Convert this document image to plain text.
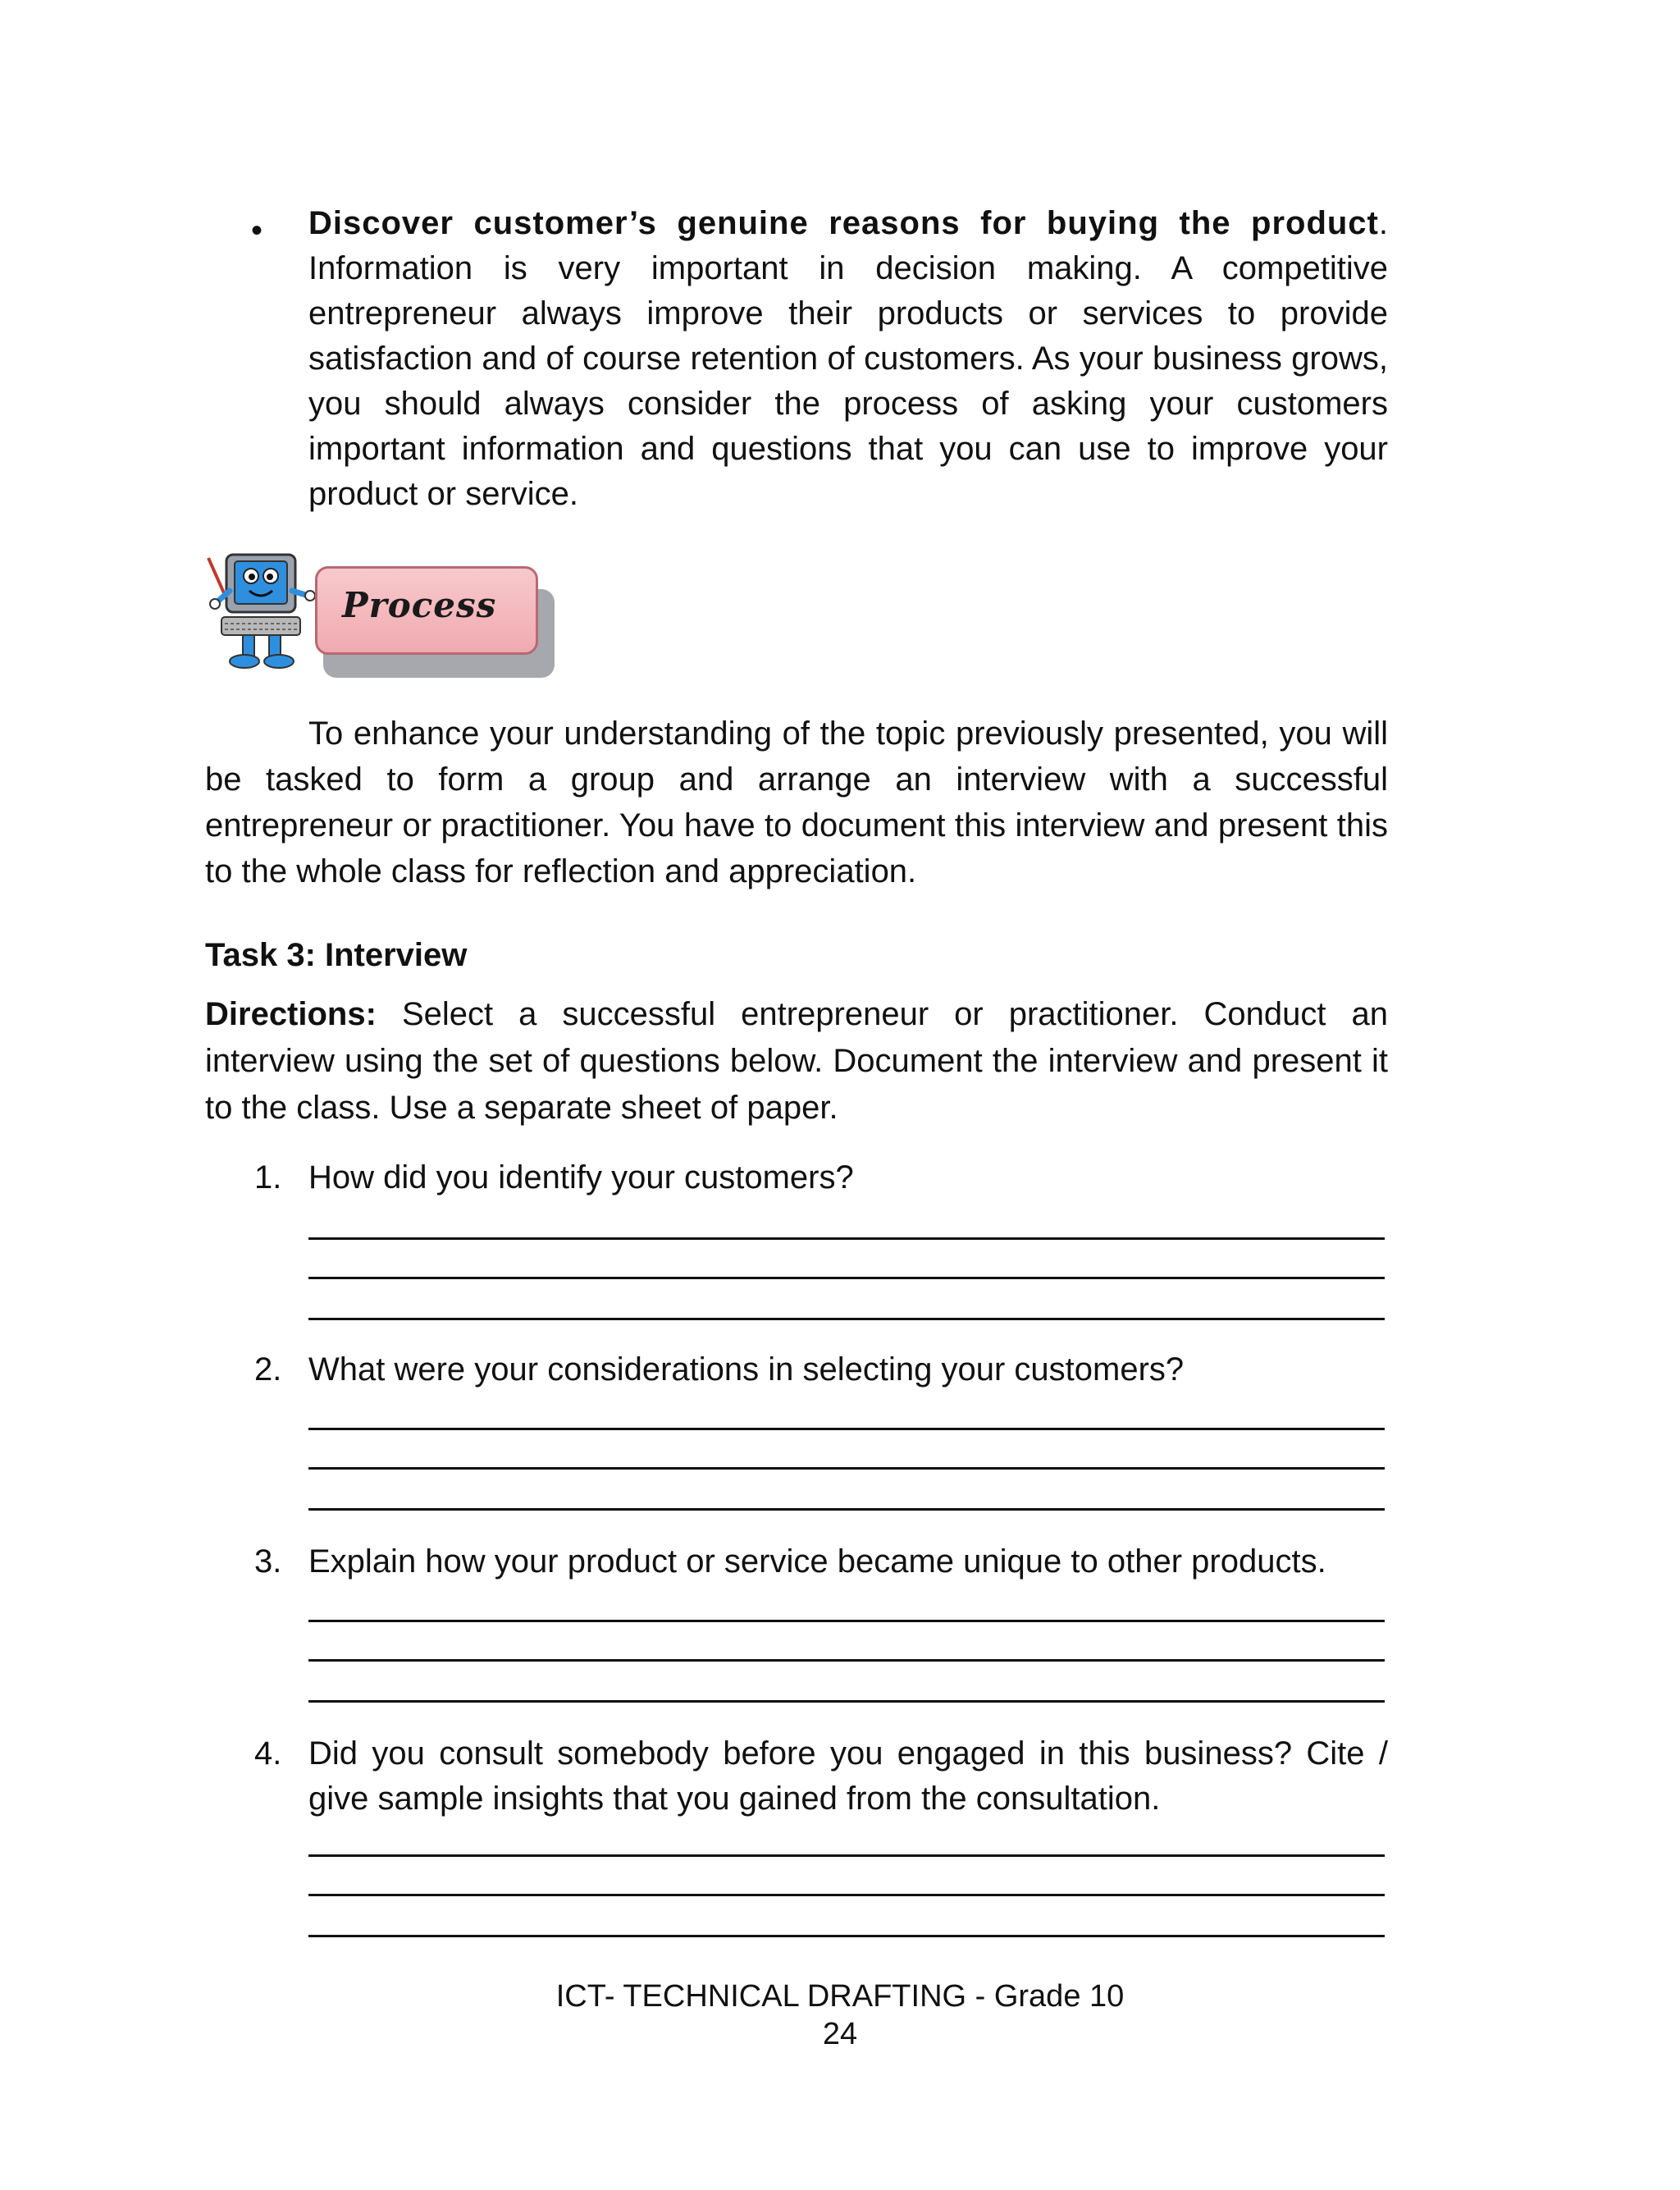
• Discover customer’s genuine reasons for buying the product. Information is very important in decision making. A competitive entrepreneur always improve their products or services to provide satisfaction and of course retention of customers. As your business grows, you should always consider the process of asking your customers important information and questions that you can use to improve your product or service.
Process
To enhance your understanding of the topic previously presented, you will be tasked to form a group and arrange an interview with a successful entrepreneur or practitioner. You have to document this interview and present this to the whole class for reflection and appreciation.
Task 3: Interview
Directions: Select a successful entrepreneur or practitioner. Conduct an interview using the set of questions below. Document the interview and present it to the class. Use a separate sheet of paper.
1. How did you identify your customers?
2. What were your considerations in selecting your customers?
3. Explain how your product or service became unique to other products.
4. Did you consult somebody before you engaged in this business? Cite / give sample insights that you gained from the consultation.
ICT- TECHNICAL DRAFTING - Grade 10
24
